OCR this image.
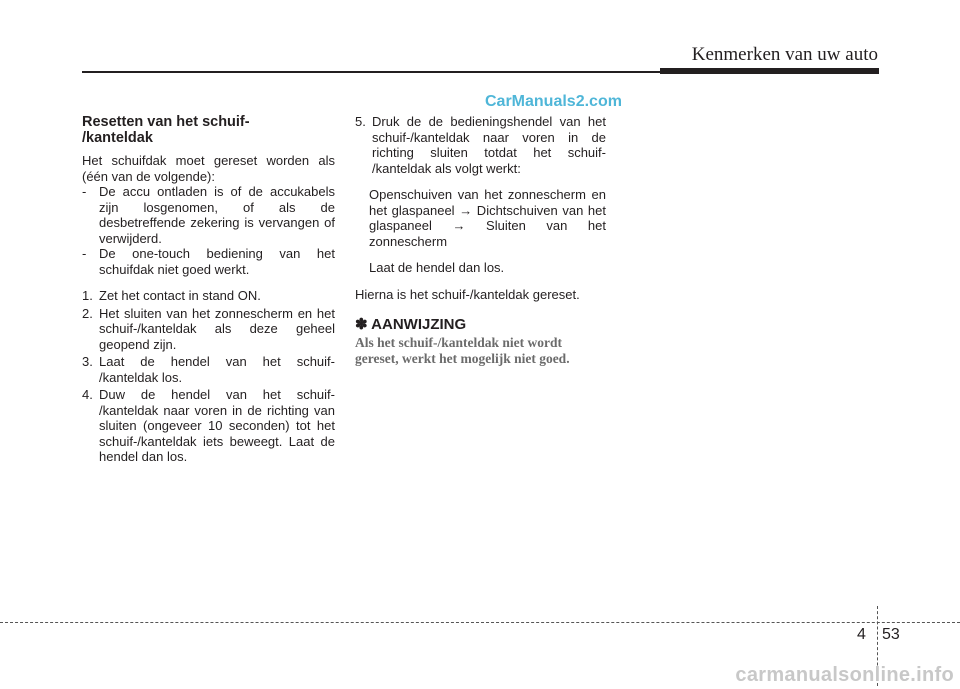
Kenmerken van uw auto
CarManuals2.com
Resetten van het schuif-
/kanteldak

Het schuifdak moet gereset worden als (één van de volgende):

- De accu ontladen is of de accukabels zijn losgenomen, of als de desbetreffende zekering is vervangen of verwijderd.
- De one-touch bediening van het schuifdak niet goed werkt.
1. Zet het contact in stand ON.
2. Het sluiten van het zonnescherm en het schuif-/kanteldak als deze geheel geopend zijn.
3. Laat de hendel van het schuif- /kanteldak los.
4. Duw de hendel van het schuif- /kanteldak naar voren in de richting van sluiten (ongeveer 10 seconden) tot het schuif-/kanteldak iets beweegt. Laat de hendel dan los.
5. Druk de de bedieningshendel van het schuif-/kanteldak naar voren in de richting sluiten totdat het schuif- /kanteldak als volgt werkt:
Openschuiven van het zonnescherm en het glaspaneel → Dichtschuiven van het glaspaneel → Sluiten van het zonnescherm
Laat de hendel dan los.

Hierna is het schuif-/kanteldak gereset.

✽ AANWIJZING
Als het schuif-/kanteldak niet wordt gereset, werkt het mogelijk niet goed.
4 53
carmanualsonline.info
